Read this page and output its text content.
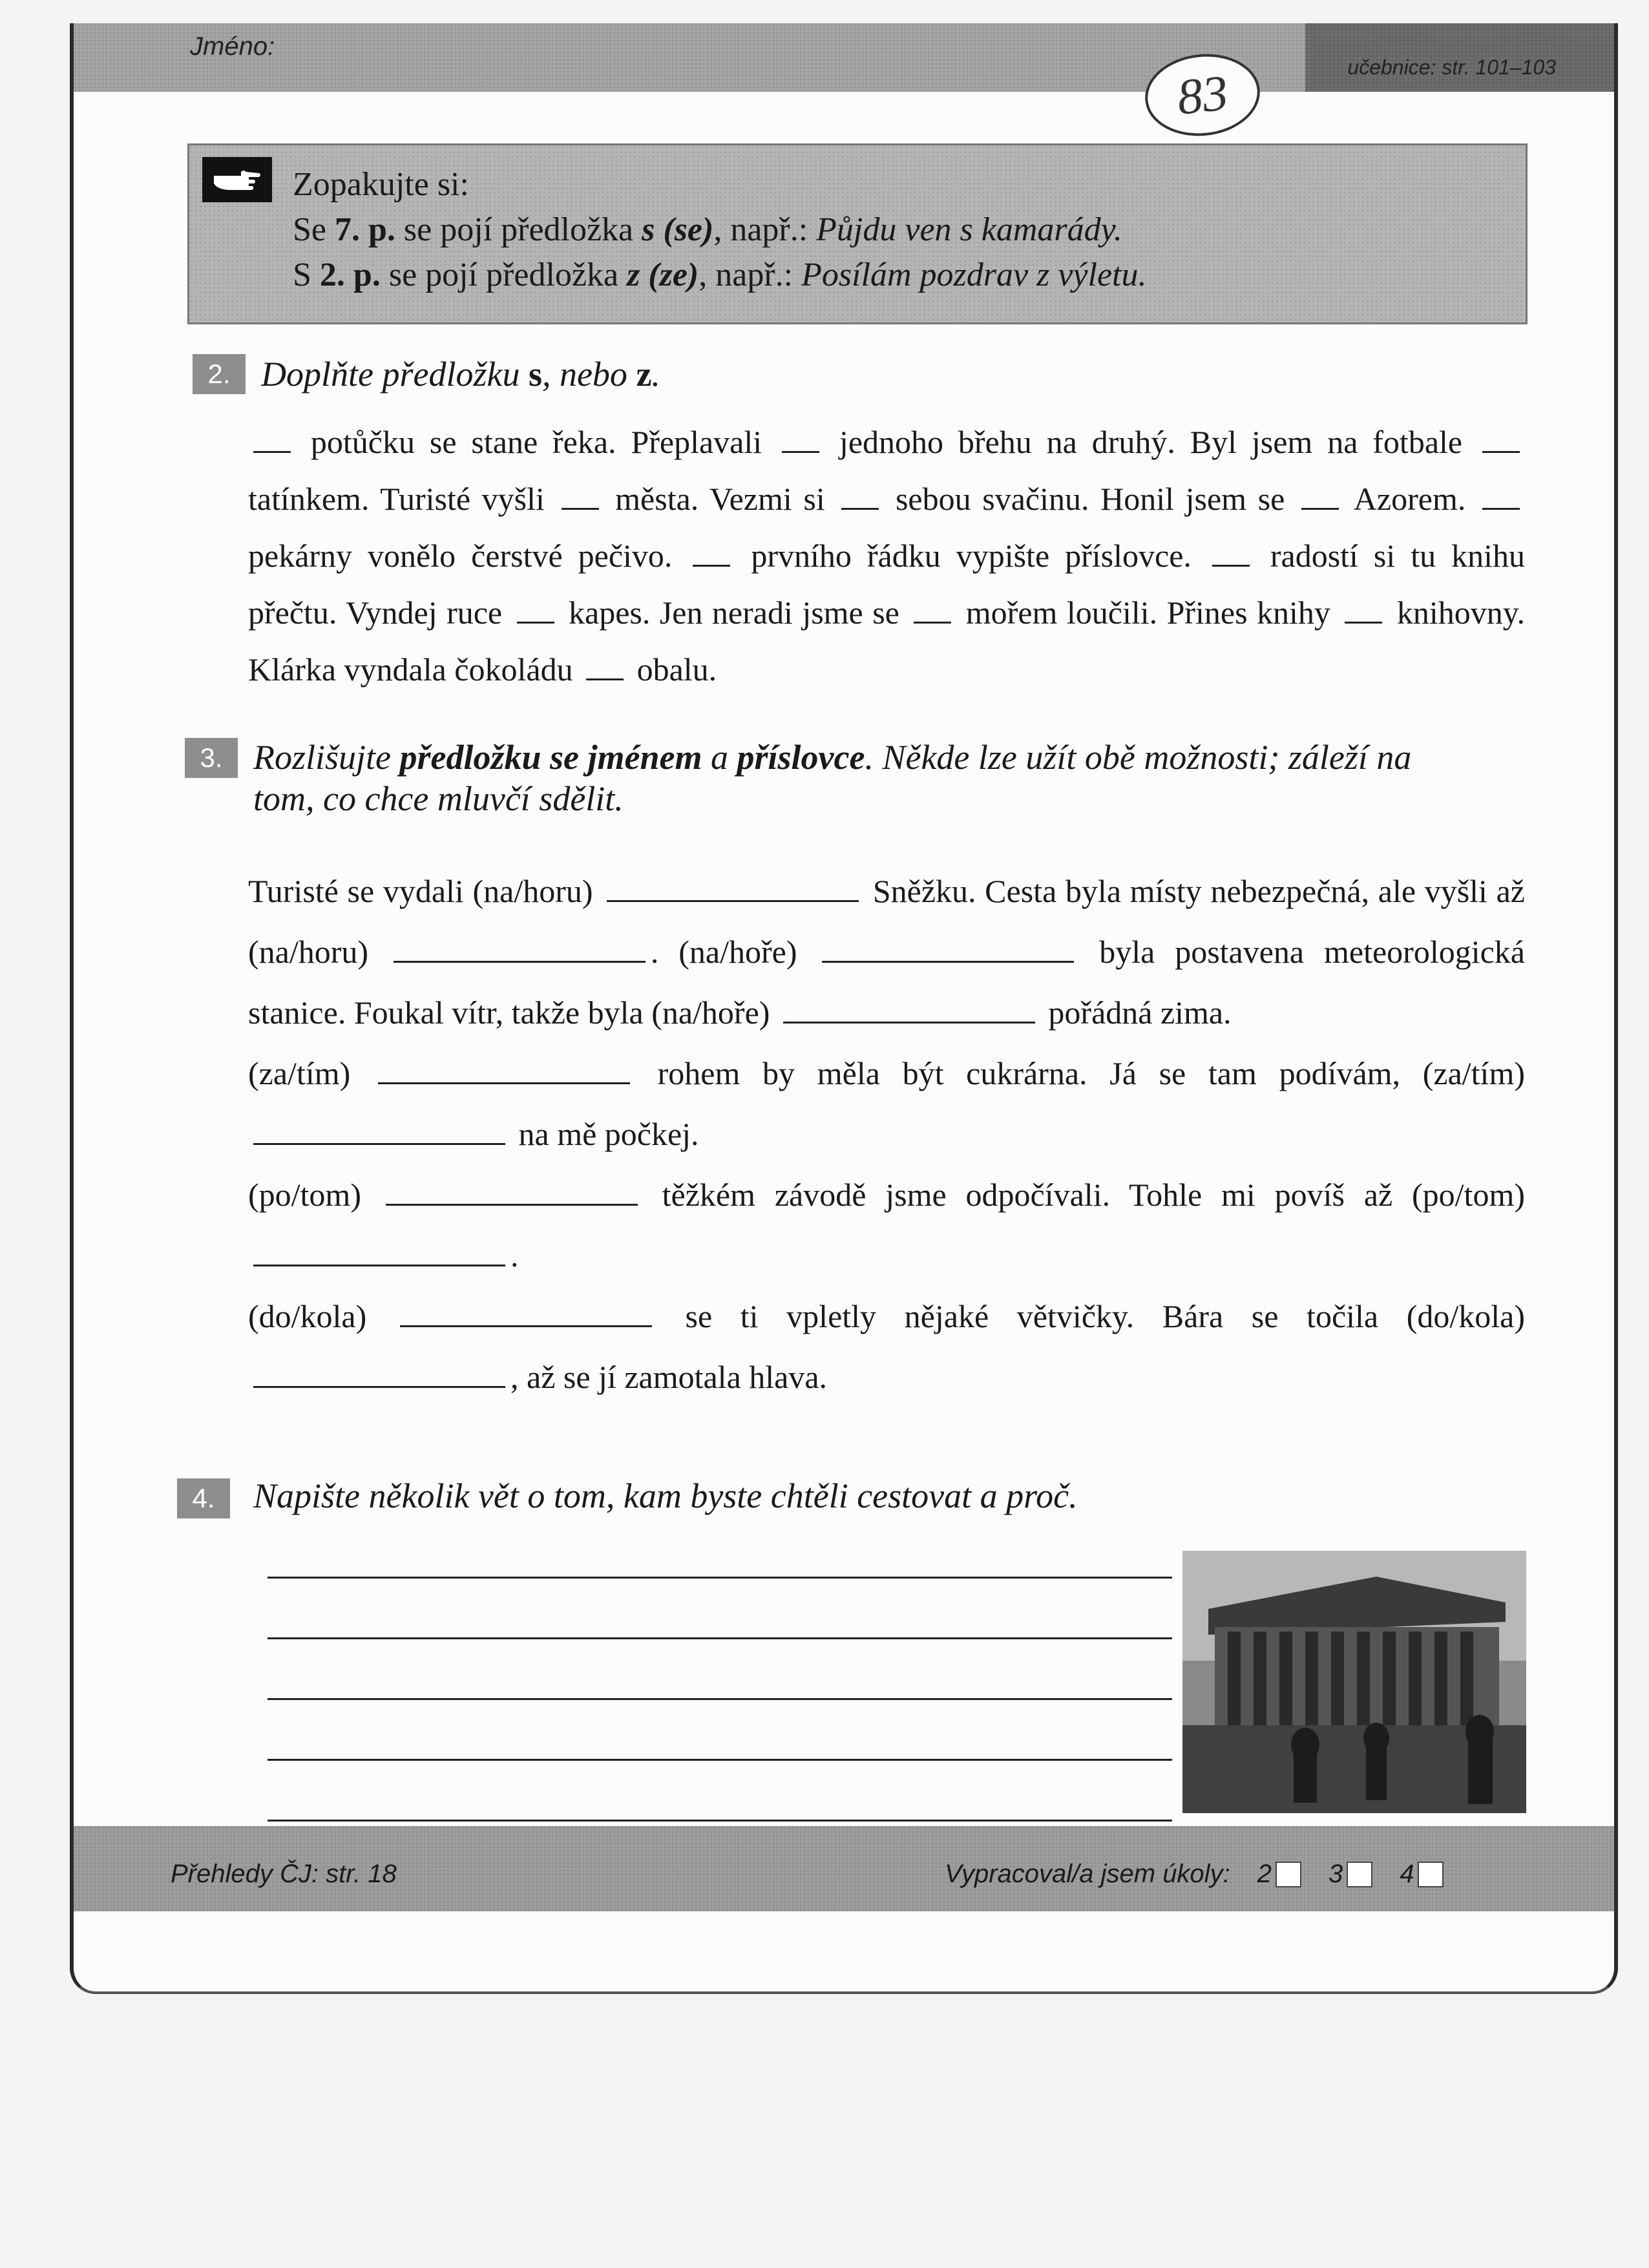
Jméno:
učebnice: str. 101–103
83
Zopakujte si:
Se 7. p. se pojí předložka s (se), např.: Půjdu ven s kamarády.
S 2. p. se pojí předložka z (ze), např.: Posílám pozdrav z výletu.
2. Doplňte předložku s, nebo z.

potůčku se stane řeka. Přeplavali  jednoho břehu na druhý. Byl jsem na fotbale  tatínkem. Turisté vyšli  města. Vezmi si  sebou svačinu. Honil jsem se  Azorem.  pekárny vonělo čerstvé pečivo.  prvního řádku vypište příslovce.  radostí si tu knihu přečtu. Vyndej ruce  kapes. Jen neradi jsme se  mořem loučili. Přines knihy  knihovny. Klárka vyndala čokoládu  obalu.

3. Rozlišujte předložku se jménem a příslovce. Někde lze užít obě možnosti; záleží na
tom, co chce mluvčí sdělit.

Turisté se vydali (na/horu)	Sněžku. Cesta byla místy nebezpečná, ale vyšli až (na/horu)	. (na/hoře)	byla postavena meteorologická stanice. Foukal vítr, takže byla (na/hoře)	pořádná zima.

(za/tím)	rohem by měla být cukrárna. Já se tam podívám, (za/tím)  na mě počkej.

(po/tom)	těžkém závodě jsme odpočívali. Tohle mi povíš až (po/tom) .

(do/kola)	se ti vpletly nějaké větvičky. Bára se točila (do/kola) , až se jí zamotala hlava.

4.	Napište několik vět o tom, kam byste chtěli cestovat a proč.
Přehledy ČJ: str. 18	Vypracoval/a jsem úkoly: 2 3 4
